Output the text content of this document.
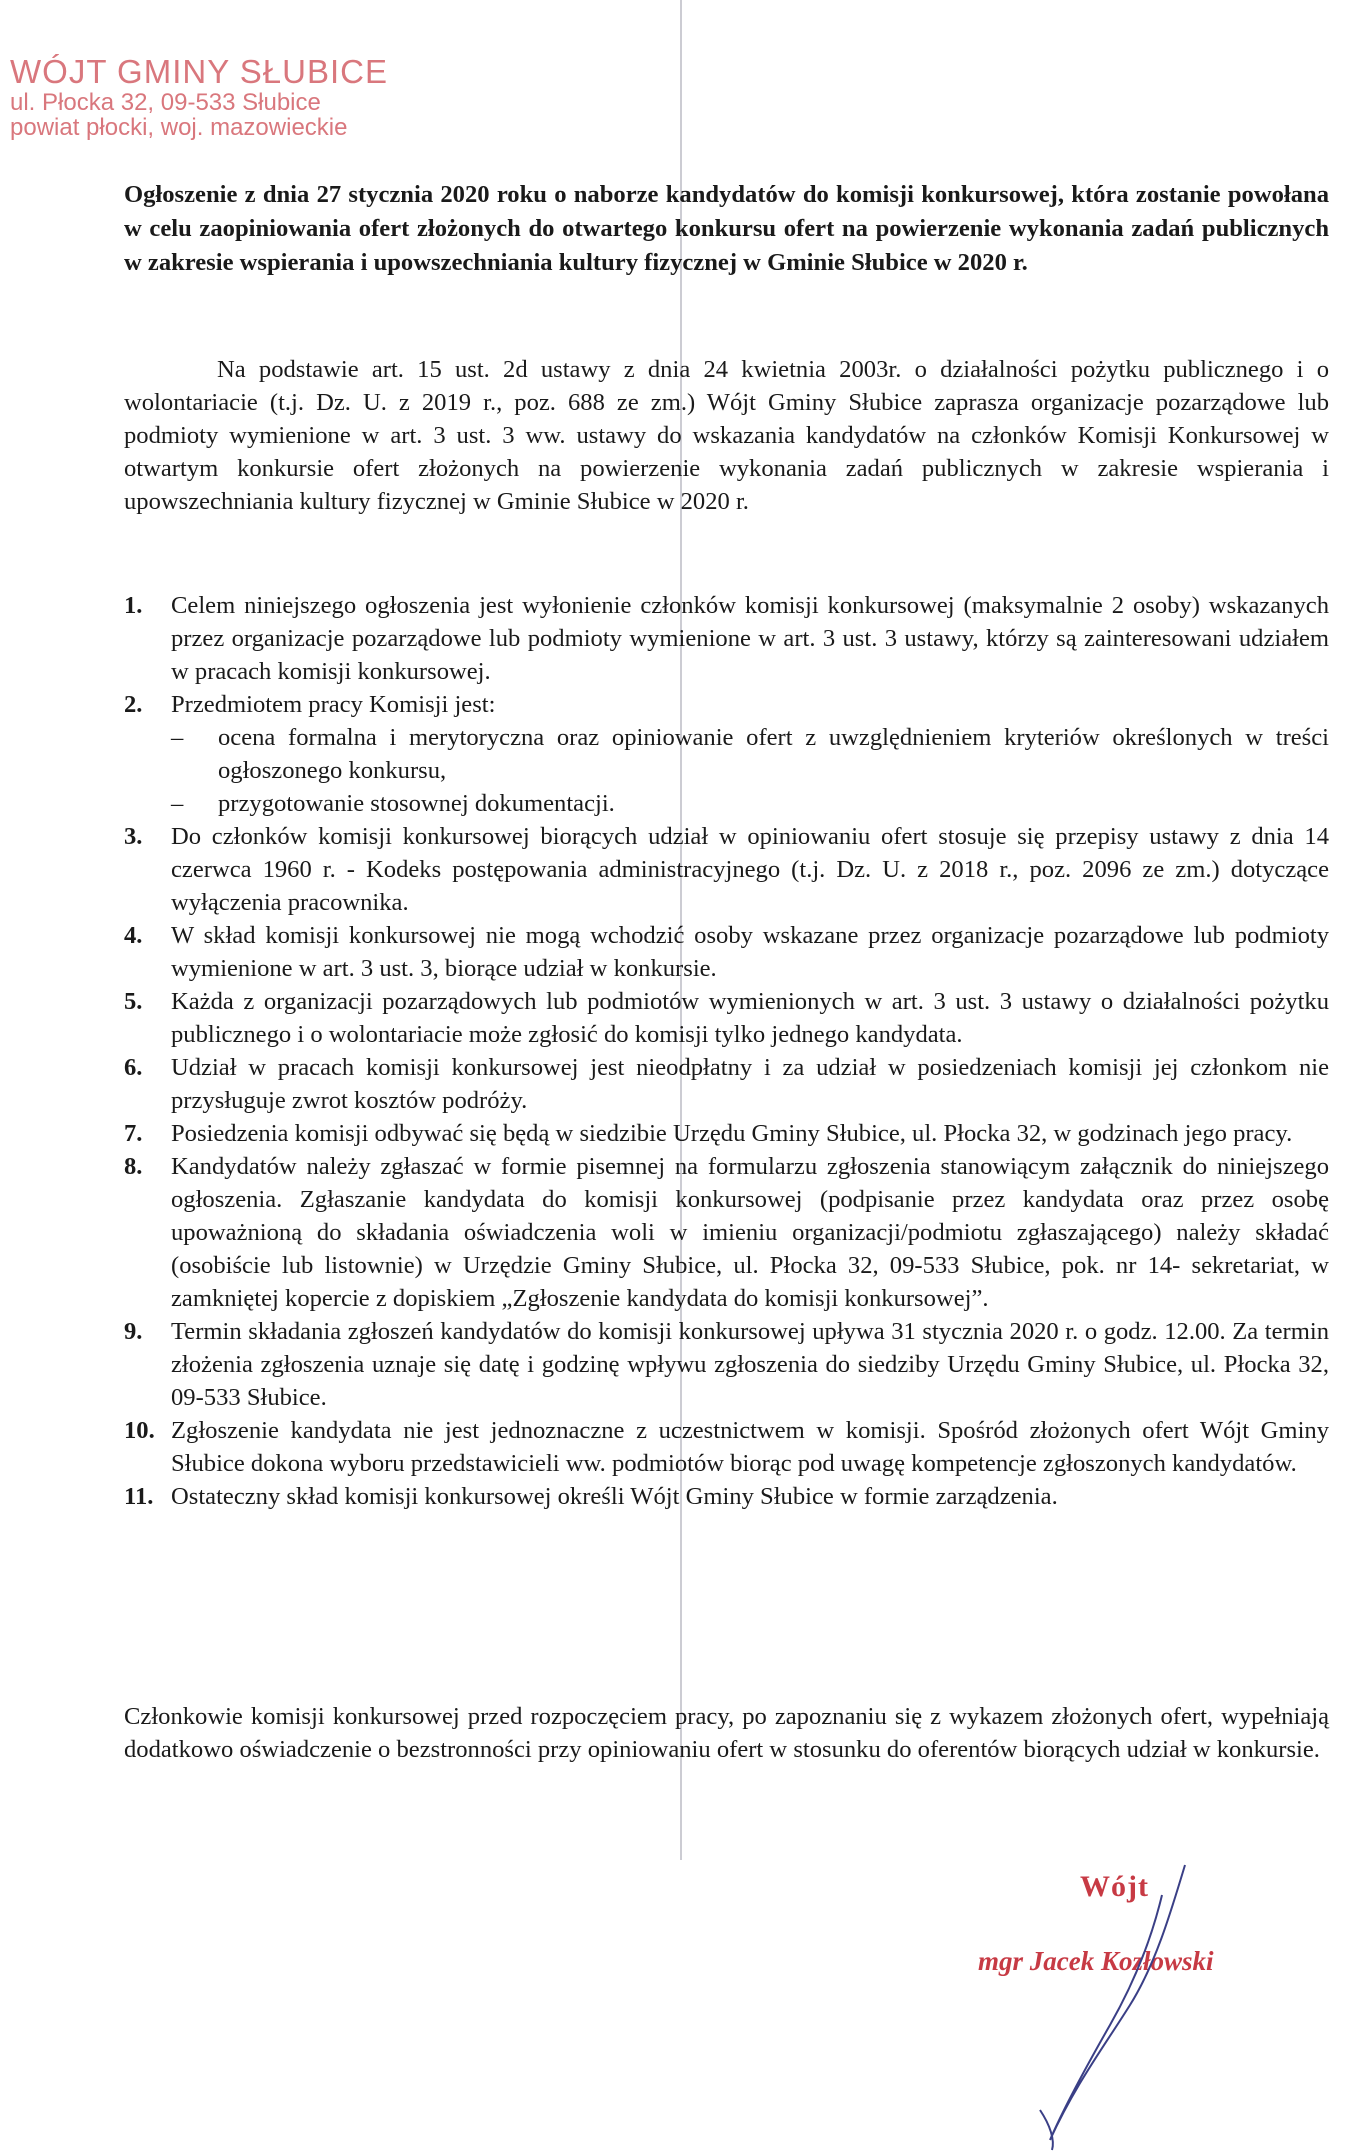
WÓJT GMINY SŁUBICE
ul. Płocka 32, 09-533 Słubice
powiat płocki, woj. mazowieckie
Ogłoszenie z dnia 27 stycznia 2020 roku o naborze kandydatów do komisji konkursowej, która zostanie powołana w celu zaopiniowania ofert złożonych do otwartego konkursu ofert na powierzenie wykonania zadań publicznych w zakresie wspierania i upowszechniania kultury fizycznej w Gminie Słubice w 2020 r.
Na podstawie art. 15 ust. 2d ustawy z dnia 24 kwietnia 2003r. o działalności pożytku publicznego i o wolontariacie (t.j. Dz. U. z 2019 r., poz. 688 ze zm.) Wójt Gminy Słubice zaprasza organizacje pozarządowe lub podmioty wymienione w art. 3 ust. 3 ww. ustawy do wskazania kandydatów na członków Komisji Konkursowej w otwartym konkursie ofert złożonych na powierzenie wykonania zadań publicznych w zakresie wspierania i upowszechniania kultury fizycznej w Gminie Słubice w 2020 r.
1. Celem niniejszego ogłoszenia jest wyłonienie członków komisji konkursowej (maksymalnie 2 osoby) wskazanych przez organizacje pozarządowe lub podmioty wymienione w art. 3 ust. 3 ustawy, którzy są zainteresowani udziałem w pracach komisji konkursowej.
2. Przedmiotem pracy Komisji jest:
– ocena formalna i merytoryczna oraz opiniowanie ofert z uwzględnieniem kryteriów określonych w treści ogłoszonego konkursu,
– przygotowanie stosownej dokumentacji.
3. Do członków komisji konkursowej biorących udział w opiniowaniu ofert stosuje się przepisy ustawy z dnia 14 czerwca 1960 r. - Kodeks postępowania administracyjnego (t.j. Dz. U. z 2018 r., poz. 2096 ze zm.) dotyczące wyłączenia pracownika.
4. W skład komisji konkursowej nie mogą wchodzić osoby wskazane przez organizacje pozarządowe lub podmioty wymienione w art. 3 ust. 3, biorące udział w konkursie.
5. Każda z organizacji pozarządowych lub podmiotów wymienionych w art. 3 ust. 3 ustawy o działalności pożytku publicznego i o wolontariacie może zgłosić do komisji tylko jednego kandydata.
6. Udział w pracach komisji konkursowej jest nieodpłatny i za udział w posiedzeniach komisji jej członkom nie przysługuje zwrot kosztów podróży.
7. Posiedzenia komisji odbywać się będą w siedzibie Urzędu Gminy Słubice, ul. Płocka 32, w godzinach jego pracy.
8. Kandydatów należy zgłaszać w formie pisemnej na formularzu zgłoszenia stanowiącym załącznik do niniejszego ogłoszenia. Zgłaszanie kandydata do komisji konkursowej (podpisanie przez kandydata oraz przez osobę upoważnioną do składania oświadczenia woli w imieniu organizacji/podmiotu zgłaszającego) należy składać (osobiście lub listownie) w Urzędzie Gminy Słubice, ul. Płocka 32, 09-533 Słubice, pok. nr 14- sekretariat, w zamkniętej kopercie z dopiskiem „Zgłoszenie kandydata do komisji konkursowej”.
9. Termin składania zgłoszeń kandydatów do komisji konkursowej upływa 31 stycznia 2020 r. o godz. 12.00. Za termin złożenia zgłoszenia uznaje się datę i godzinę wpływu zgłoszenia do siedziby Urzędu Gminy Słubice, ul. Płocka 32, 09-533 Słubice.
10. Zgłoszenie kandydata nie jest jednoznaczne z uczestnictwem w komisji. Spośród złożonych ofert Wójt Gminy Słubice dokona wyboru przedstawicieli ww. podmiotów biorąc pod uwagę kompetencje zgłoszonych kandydatów.
11. Ostateczny skład komisji konkursowej określi Wójt Gminy Słubice w formie zarządzenia.
Członkowie komisji konkursowej przed rozpoczęciem pracy, po zapoznaniu się z wykazem złożonych ofert, wypełniają dodatkowo oświadczenie o bezstronności przy opiniowaniu ofert w stosunku do oferentów biorących udział w konkursie.
Wójt
mgr Jacek Kozłowski
